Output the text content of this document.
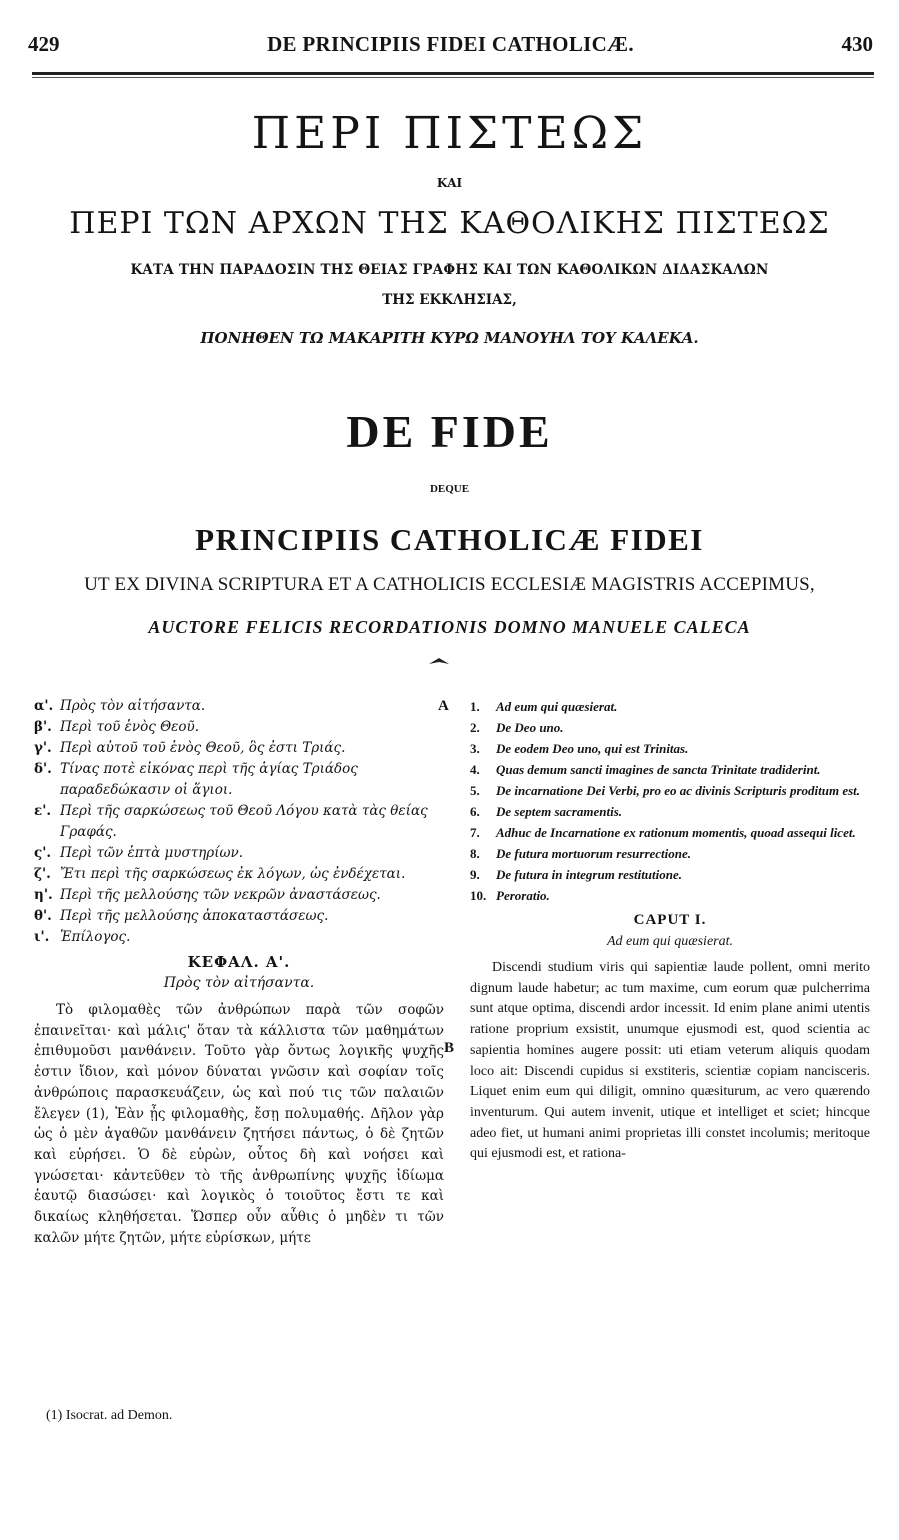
429	DE PRINCIPIIS FIDEI CATHOLICÆ.	430
ΠΕΡΙ ΠΙΣΤΕΩΣ
ΚΑΙ
ΠΕΡΙ ΤΩΝ ΑΡΧΩΝ ΤΗΣ ΚΑΘΟΛΙΚΗΣ ΠΙΣΤΕΩΣ
ΚΑΤΑ ΤΗΝ ΠΑΡΑΔΟΣΙΝ ΤΗΣ ΘΕΙΑΣ ΓΡΑΦΗΣ ΚΑΙ ΤΩΝ ΚΑΘΟΛΙΚΩΝ ΔΙΔΑΣΚΑΛΩΝ
ΤΗΣ ΕΚΚΛΗΣΙΑΣ,
ΠΟΝΗΘΕΝ ΤΩ ΜΑΚΑΡΙΤΗ ΚΥΡΩ ΜΑΝΟΥΗΛ ΤΟΥ ΚΑΛΕΚΑ.
DE FIDE
DEQUE
PRINCIPIIS CATHOLICÆ FIDEI
UT EX DIVINA SCRIPTURA ET A CATHOLICIS ECCLESIÆ MAGISTRIS ACCEPIMUS,
AUCTORE FELICIS RECORDATIONIS DOMNO MANUELE CALECA
A
B
α'. Πρὸς τὸν αἰτήσαντα.
β'. Περὶ τοῦ ἑνὸς Θεοῦ.
γ'. Περὶ αὐτοῦ τοῦ ἑνὸς Θεοῦ, ὃς ἐστι Τριάς.
δ'. Τίνας ποτὲ εἰκόνας περὶ τῆς ἁγίας Τριάδος παραδεδώκασιν οἱ ἅγιοι.
ε'. Περὶ τῆς σαρκώσεως τοῦ Θεοῦ Λόγου κατὰ τὰς θείας Γραφάς.
ς'. Περὶ τῶν ἑπτὰ μυστηρίων.
ζ'. Ἔτι περὶ τῆς σαρκώσεως ἐκ λόγων, ὡς ἐνδέχεται.
η'. Περὶ τῆς μελλούσης τῶν νεκρῶν ἀναστάσεως.
θ'. Περὶ τῆς μελλούσης ἀποκαταστάσεως.
ι'. Ἐπίλογος.
ΚΕΦΑΛ. Α'.
Πρὸς τὸν αἰτήσαντα.

Τὸ φιλομαθὲς τῶν ἀνθρώπων παρὰ τῶν σοφῶν ἐπαινεῖται· καὶ μάλιϛ' ὅταν τὰ κάλλιστα τῶν μαθημάτων ἐπιθυμοῦσι μανθάνειν. Τοῦτο γὰρ ὄντως λογικῆς ψυχῆς ἐστιν ἴδιον, καὶ μόνον δύναται γνῶσιν καὶ σοφίαν τοῖς ἀνθρώποις παρασκευάζειν, ὡς καὶ πού τις τῶν παλαιῶν ἔλεγεν (1), Ἐὰν ᾖς φιλομαθὴς, ἔσῃ πολυμαθής. Δῆλον γὰρ ὡς ὁ μὲν ἀγαθῶν μανθάνειν ζητήσει πάντως, ὁ δὲ ζητῶν καὶ εὑρήσει. Ὁ δὲ εὑρὼν, οὗτος δὴ καὶ νοήσει καὶ γνώσεται· κἀντεῦθεν τὸ τῆς ἀνθρωπίνης ψυχῆς ἰδίωμα ἑαυτῷ διασώσει· καὶ λογικὸς ὁ τοιοῦτος ἔστι τε καὶ δικαίως κληθήσεται. Ὥσπερ οὖν αὖθις ὁ μηδὲν τι τῶν καλῶν μήτε ζητῶν, μήτε εὑρίσκων, μήτε

1. Ad eum qui quæsierat.
2. De Deo uno.
3. De eodem Deo uno, qui est Trinitas.
4. Quas demum sancti imagines de sancta Trinitate tradiderint.
5. De incarnatione Dei Verbi, pro eo ac divinis Scripturis proditum est.
6. De septem sacramentis.
7. Adhuc de Incarnatione ex rationum momentis, quoad assequi licet.
8. De futura mortuorum resurrectione.
9. De futura in integrum restitutione.
10. Peroratio.
CAPUT I.
Ad eum qui quæsierat.

Discendi studium viris qui sapientiæ laude pollent, omni merito dignum laude habetur; ac tum maxime, cum eorum quæ pulcherrima sunt atque optima, discendi ardor incessit. Id enim plane animi utentis ratione proprium exsistit, unumque ejusmodi est, quod scientia ac sapientia homines augere possit: uti etiam veterum aliquis quodam loco ait: Discendi cupidus si exstiteris, scientiæ copiam nancisceris. Liquet enim eum qui diligit, omnino quæsiturum, ac vero quærendo inventurum. Qui autem invenit, utique et intelliget et sciet; hincque adeo fiet, ut humani animi proprietas illi constet incolumis; meritoque qui ejusmodi est, et rationa-

(1) Isocrat. ad Demon.
